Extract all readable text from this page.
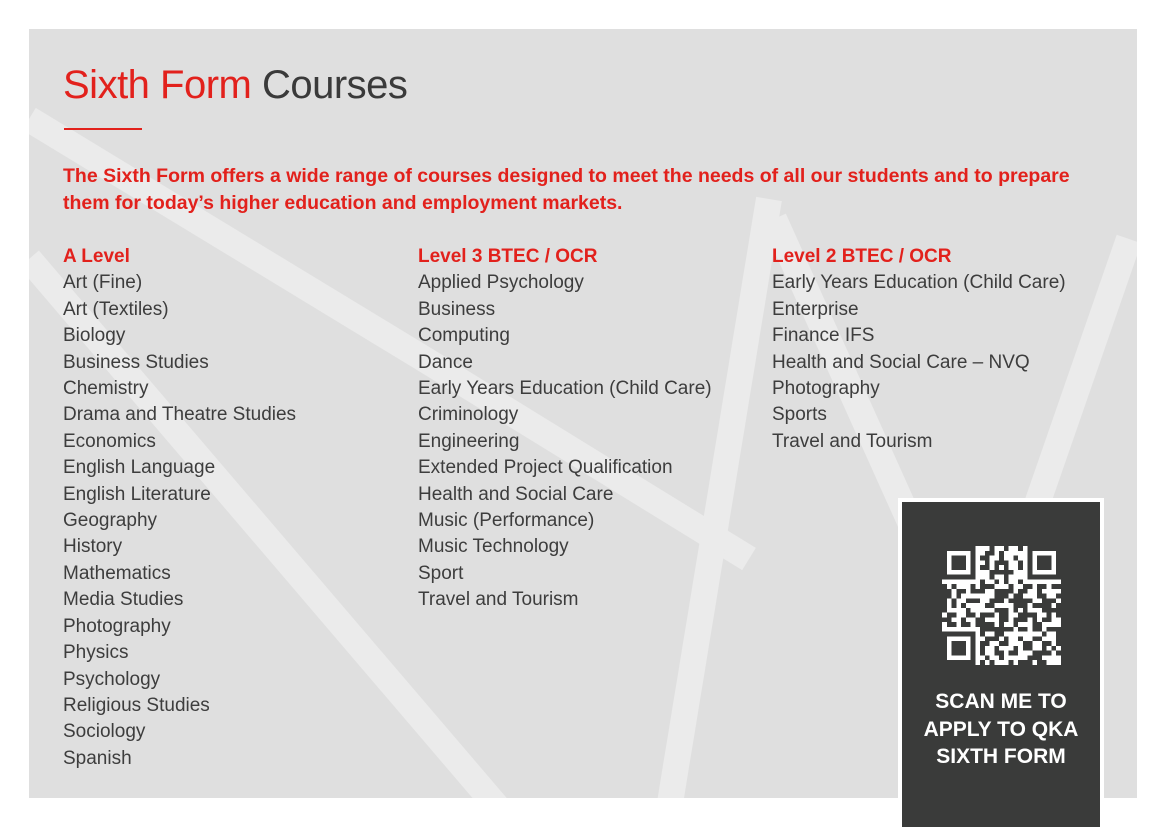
Sixth Form Courses

The Sixth Form offers a wide range of courses designed to meet the needs of all our students and to prepare them for today’s higher education and employment markets.

A Level
Art (Fine)
Art (Textiles)
Biology
Business Studies
Chemistry
Drama and Theatre Studies
Economics
English Language
English Literature
Geography
History
Mathematics
Media Studies
Photography
Physics
Psychology
Religious Studies
Sociology
Spanish
Level 3 BTEC / OCR
Applied Psychology
Business
Computing
Dance
Early Years Education (Child Care)
Criminology
Engineering
Extended Project Qualification
Health and Social Care
Music (Performance)
Music Technology
Sport
Travel and Tourism
Level 2 BTEC / OCR
Early Years Education (Child Care)
Enterprise
Finance IFS
Health and Social Care – NVQ
Photography
Sports
Travel and Tourism
SCAN ME TO
APPLY TO QKA
SIXTH FORM
